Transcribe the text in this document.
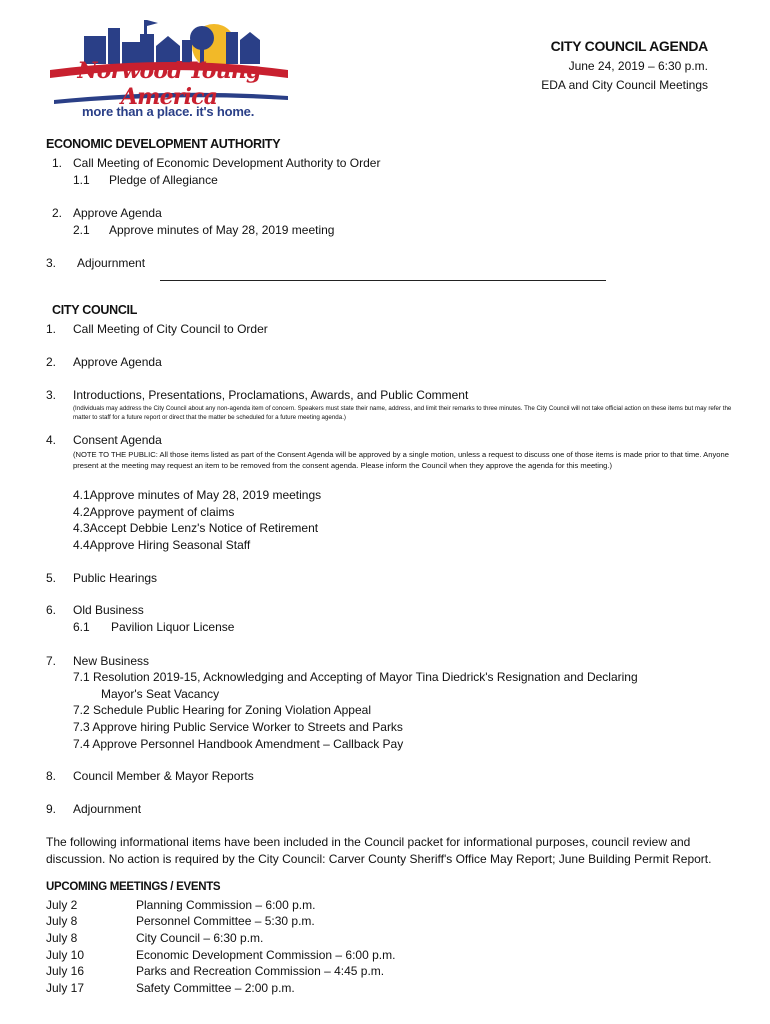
Norwood Young America
more than a place. it's home.
CITY COUNCIL AGENDA
June 24, 2019 – 6:30 p.m.
EDA and City Council Meetings
ECONOMIC DEVELOPMENT AUTHORITY
1. Call Meeting of Economic Development Authority to Order
1.1 Pledge of Allegiance
2. Approve Agenda
2.1 Approve minutes of May 28, 2019 meeting
3. Adjournment
CITY COUNCIL
1. Call Meeting of City Council to Order
2. Approve Agenda
3. Introductions, Presentations, Proclamations, Awards, and Public Comment
(Individuals may address the City Council about any non-agenda item of concern. Speakers must state their name, address, and limit their remarks to three minutes. The City Council will not take official action on these items but may refer the matter to staff for a future report or direct that the matter be scheduled for a future meeting agenda.)
4. Consent Agenda
(NOTE TO THE PUBLIC: All those items listed as part of the Consent Agenda will be approved by a single motion, unless a request to discuss one of those items is made prior to that time. Anyone present at the meeting may request an item to be removed from the consent agenda. Please inform the Council when they approve the agenda for this meeting.)
4.1Approve minutes of May 28, 2019 meetings
4.2Approve payment of claims
4.3Accept Debbie Lenz's Notice of Retirement
4.4Approve Hiring Seasonal Staff
5. Public Hearings
6. Old Business
6.1 Pavilion Liquor License
7. New Business
7.1 Resolution 2019-15, Acknowledging and Accepting of Mayor Tina Diedrick's Resignation and Declaring
Mayor's Seat Vacancy
7.2 Schedule Public Hearing for Zoning Violation Appeal
7.3 Approve hiring Public Service Worker to Streets and Parks
7.4 Approve Personnel Handbook Amendment – Callback Pay
8. Council Member & Mayor Reports
9. Adjournment
The following informational items have been included in the Council packet for informational purposes, council review and discussion. No action is required by the City Council: Carver County Sheriff's Office May Report; June Building Permit Report.
UPCOMING MEETINGS / EVENTS
July 2	Planning Commission – 6:00 p.m.
July 8	Personnel Committee – 5:30 p.m.
July 8	City Council – 6:30 p.m.
July 10	Economic Development Commission – 6:00 p.m.
July 16	Parks and Recreation Commission – 4:45 p.m.
July 17	Safety Committee – 2:00 p.m.
